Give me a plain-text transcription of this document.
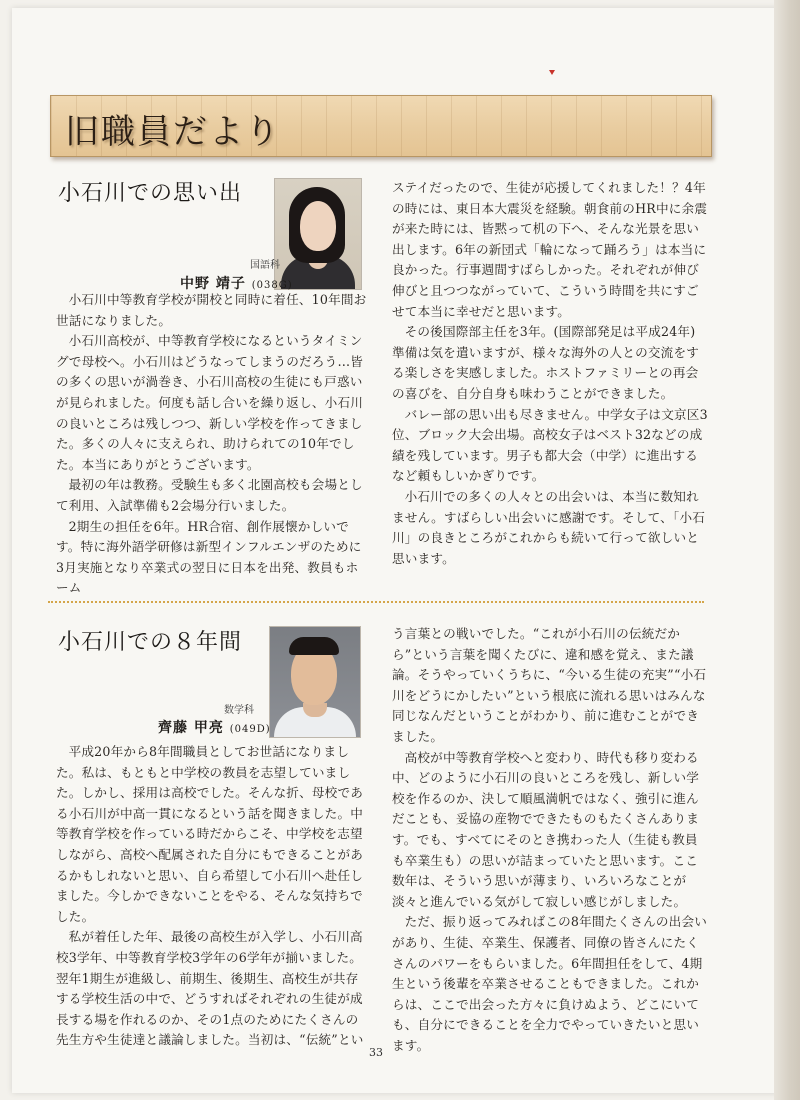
旧職員だより
小石川での思い出
国語科
中野 靖子 (038G)

小石川中等教育学校が開校と同時に着任、10年間お世話になりました。

小石川高校が、中等教育学校になるというタイミングで母校へ。小石川はどうなってしまうのだろう…皆の多くの思いが渦巻き、小石川高校の生徒にも戸惑いが見られました。何度も話し合いを繰り返し、小石川の良いところは残しつつ、新しい学校を作ってきました。多くの人々に支えられ、助けられての10年でした。本当にありがとうございます。

最初の年は教務。受験生も多く北園高校も会場として利用、入試準備も2会場分行いました。

2期生の担任を6年。HR合宿、創作展懐かしいです。特に海外語学研修は新型インフルエンザのために3月実施となり卒業式の翌日に日本を出発、教員もホーム

ステイだったので、生徒が応援してくれました！？4年の時には、東日本大震災を経験。朝食前のHR中に余震が来た時には、皆黙って机の下へ、そんな光景を思い出します。6年の新団式「輪になって踊ろう」は本当に良かった。行事週間すばらしかった。それぞれが伸び伸びと且つつながっていて、こういう時間を共にすごせて本当に幸せだと思います。

その後国際部主任を3年。(国際部発足は平成24年)準備は気を遣いますが、様々な海外の人との交流をする楽しさを実感しました。ホストファミリーとの再会の喜びを、自分自身も味わうことができました。

バレー部の思い出も尽きません。中学女子は文京区3位、ブロック大会出場。高校女子はベスト32などの成績を残しています。男子も都大会（中学）に進出するなど頼もしいかぎりです。

小石川での多くの人々との出会いは、本当に数知れません。すばらしい出会いに感謝です。そして、「小石川」の良きところがこれからも続いて行って欲しいと思います。

小石川での８年間
数学科
齊藤 甲亮 (049D)

平成20年から8年間職員としてお世話になりました。私は、もともと中学校の教員を志望していました。しかし、採用は高校でした。そんな折、母校である小石川が中高一貫になるという話を聞きました。中等教育学校を作っている時だからこそ、中学校を志望しながら、高校へ配属された自分にもできることがあるかもしれないと思い、自ら希望して小石川へ赴任しました。今しかできないことをやる、そんな気持ちでした。

私が着任した年、最後の高校生が入学し、小石川高校3学年、中等教育学校3学年の6学年が揃いました。翌年1期生が進級し、前期生、後期生、高校生が共存する学校生活の中で、どうすればそれぞれの生徒が成長する場を作れるのか、その1点のためにたくさんの先生方や生徒達と議論しました。当初は、“伝統”とい

う言葉との戦いでした。“これが小石川の伝統だから”という言葉を聞くたびに、違和感を覚え、また議論。そうやっていくうちに、“今いる生徒の充実”“小石川をどうにかしたい”という根底に流れる思いはみんな同じなんだということがわかり、前に進むことができました。

高校が中等教育学校へと変わり、時代も移り変わる中、どのように小石川の良いところを残し、新しい学校を作るのか、決して順風満帆ではなく、強引に進んだことも、妥協の産物でできたものもたくさんあります。でも、すべてにそのとき携わった人（生徒も教員も卒業生も）の思いが詰まっていたと思います。ここ数年は、そういう思いが薄まり、いろいろなことが淡々と進んでいる気がして寂しい感じがしました。

ただ、振り返ってみればこの8年間たくさんの出会いがあり、生徒、卒業生、保護者、同僚の皆さんにたくさんのパワーをもらいました。6年間担任をして、4期生という後輩を卒業させることもできました。これからは、ここで出会った方々に負けぬよう、どこにいても、自分にできることを全力でやっていきたいと思います。

33
